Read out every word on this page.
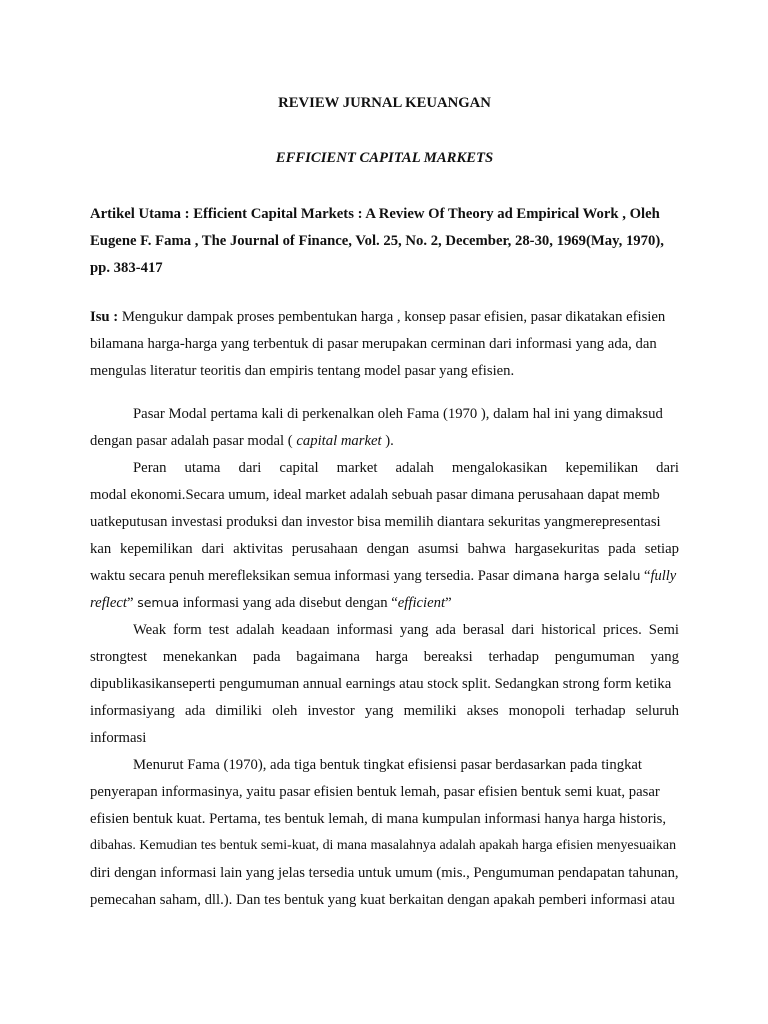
REVIEW JURNAL KEUANGAN
EFFICIENT CAPITAL MARKETS
Artikel Utama : Efficient Capital Markets : A Review Of Theory ad Empirical Work , Oleh
Eugene F. Fama , The Journal of Finance, Vol. 25, No. 2, December, 28-30, 1969(May, 1970),
pp. 383-417
Isu : Mengukur dampak proses pembentukan harga , konsep pasar efisien, pasar dikatakan efisien
bilamana harga-harga yang terbentuk di pasar merupakan cerminan dari informasi yang ada, dan
mengulas literatur teoritis dan empiris tentang model pasar yang efisien.
Pasar Modal pertama kali di perkenalkan oleh Fama (1970 ), dalam hal ini yang dimaksud
dengan pasar adalah pasar modal ( capital market ).
Peran utama dari capital market adalah mengalokasikan kepemilikan dari
modal ekonomi.Secara umum, ideal market adalah sebuah pasar dimana perusahaan dapat memb
uatkeputusan investasi produksi dan investor bisa memilih diantara sekuritas yangmerepresentasi
kan kepemilikan dari aktivitas perusahaan dengan asumsi bahwa hargasekuritas pada setiap
waktu secara penuh merefleksikan semua informasi yang tersedia. Pasar dimana harga selalu “fully
reflect” semua informasi yang ada disebut dengan “efficient”
Weak form test adalah keadaan informasi yang ada berasal dari historical prices. Semi
strongtest menekankan pada bagaimana harga bereaksi terhadap pengumuman yang
dipublikasikanseperti pengumuman annual earnings atau stock split. Sedangkan strong form ketika
informasiyang ada dimiliki oleh investor yang memiliki akses monopoli terhadap seluruh
informasi
Menurut Fama (1970), ada tiga bentuk tingkat efisiensi pasar berdasarkan pada tingkat
penyerapan informasinya, yaitu pasar efisien bentuk lemah, pasar efisien bentuk semi kuat, pasar
efisien bentuk kuat. Pertama, tes bentuk lemah, di mana kumpulan informasi hanya harga historis,
dibahas. Kemudian tes bentuk semi-kuat, di mana masalahnya adalah apakah harga efisien menyesuaikan
diri dengan informasi lain yang jelas tersedia untuk umum (mis., Pengumuman pendapatan tahunan,
pemecahan saham, dll.). Dan tes bentuk yang kuat berkaitan dengan apakah pemberi informasi atau
